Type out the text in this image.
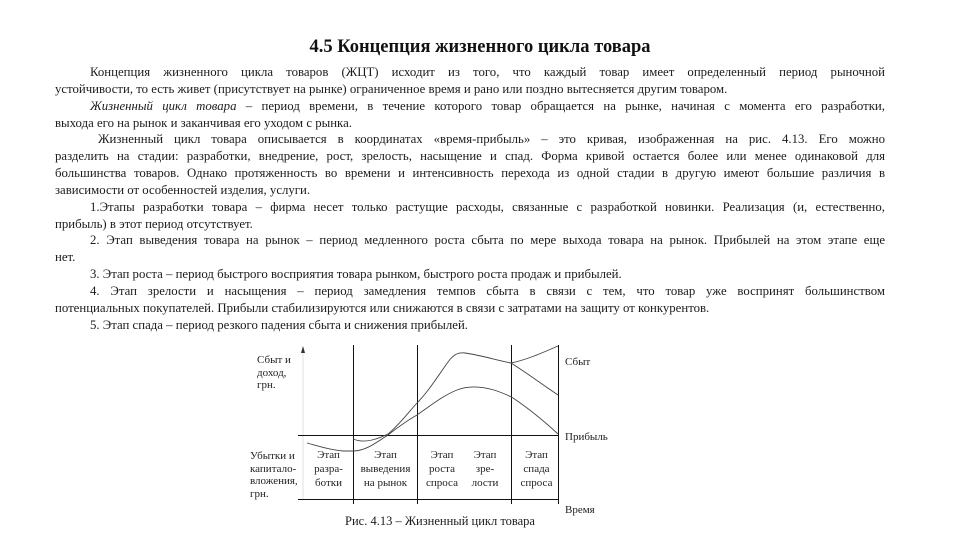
4.5 Концепция жизненного цикла товара
Концепция жизненного цикла товаров (ЖЦТ) исходит из того, что каждый товар имеет определенный период рыночной
устойчивости, то есть живет (присутствует на рынке) ограниченное время и рано или поздно вытесняется другим товаром.
Жизненный цикл товара – период времени, в течение которого товар обращается на рынке, начиная с момента его разработки,
выхода его на рынок и заканчивая его уходом с рынка.
Жизненный цикл товара описывается в координатах «время-прибыль» – это кривая, изображенная на рис. 4.13. Его можно
разделить на стадии: разработки, внедрение, рост, зрелость, насыщение и спад. Форма кривой остается более или менее одинаковой для
большинства товаров. Однако протяженность во времени и интенсивность перехода из одной стадии в другую имеют большие различия в
зависимости от особенностей изделия, услуги.
1.Этапы разработки товара – фирма несет только растущие расходы, связанные с разработкой новинки. Реализация (и, естественно,
прибыль) в этот период отсутствует.
2. Этап выведения товара на рынок – период медленного роста сбыта по мере выхода товара на рынок. Прибылей на этом этапе еще
нет.
3. Этап роста – период быстрого восприятия товара рынком, быстрого роста продаж и прибылей.
4. Этап зрелости и насыщения – период замедления темпов сбыта в связи с тем, что товар уже воспринят большинством
потенциальных покупателей. Прибыли стабилизируются или снижаются в связи с затратами на защиту от конкурентов.
5. Этап спада – период резкого падения сбыта и снижения прибылей.
Сбыт и
доход,
грн.
Убытки и
капитало-
вложения,
грн.
Сбыт
Прибыль
Время
Этап
разра-
ботки
Этап
выведения
на рынок
Этап
роста
спроса
Этап
зре-
лости
Этап
спада
спроса
Рис. 4.13 – Жизненный цикл товара
